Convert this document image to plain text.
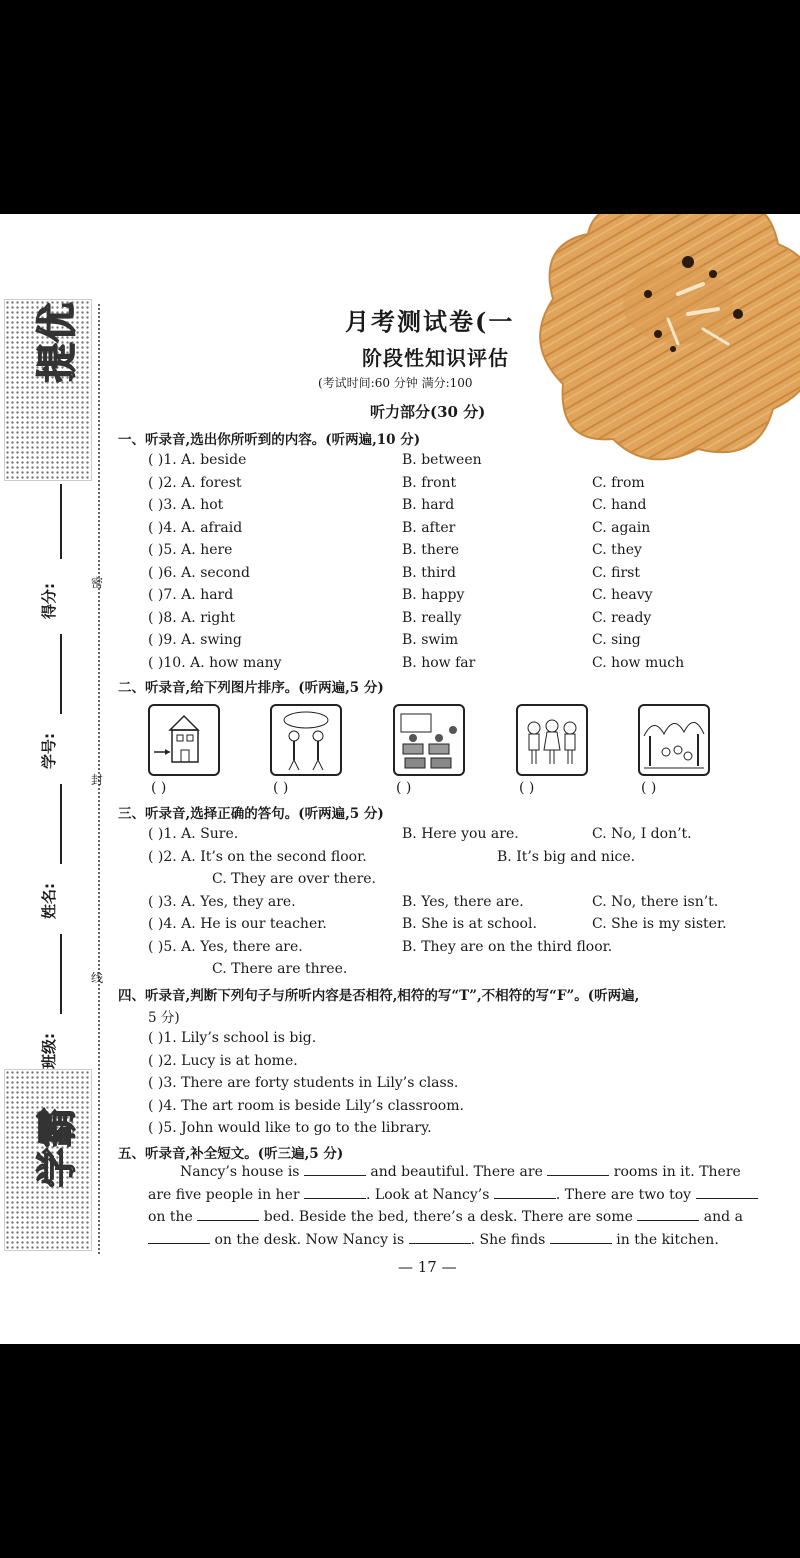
提优
学霸
得分:
学号:
姓名:
班级:
密
封
线
月考测试卷(一
阶段性知识评估
(考试时间:60 分钟 满分:100
听力部分(30 分)
一、听录音,选出你所听到的内容。(听两遍,10 分)
( )1. A. beside	B. between
( )2. A. forest	B. front	C. from
( )3. A. hot	B. hard	C. hand
( )4. A. afraid	B. after	C. again
( )5. A. here	B. there	C. they
( )6. A. second	B. third	C. first
( )7. A. hard	B. happy	C. heavy
( )8. A. right	B. really	C. ready
( )9. A. swing	B. swim	C. sing
( )10. A. how many	B. how far	C. how much
二、听录音,给下列图片排序。(听两遍,5 分)
( )	( )	( )	( )	( )
三、听录音,选择正确的答句。(听两遍,5 分)
( )1. A. Sure.	B. Here you are.	C. No, I don’t.
( )2. A. It’s on the second floor.	B. It’s big and nice.
C. They are over there.
( )3. A. Yes, they are.	B. Yes, there are.	C. No, there isn’t.
( )4. A. He is our teacher.	B. She is at school.	C. She is my sister.
( )5. A. Yes, there are.	B. They are on the third floor.
C. There are three.
四、听录音,判断下列句子与所听内容是否相符,相符的写“T”,不相符的写“F”。(听两遍,
5 分)
( )1. Lily’s school is big.
( )2. Lucy is at home.
( )3. There are forty students in Lily’s class.
( )4. The art room is beside Lily’s classroom.
( )5. John would like to go to the library.
五、听录音,补全短文。(听三遍,5 分)
Nancy’s house is	and beautiful. There are	rooms in it. There are five people in her	. Look at Nancy’s	. There are two toy  on the	bed. Beside the bed, there’s a desk. There are some	and a  on the desk. Now Nancy is	. She finds	in the kitchen.
— 17 —
